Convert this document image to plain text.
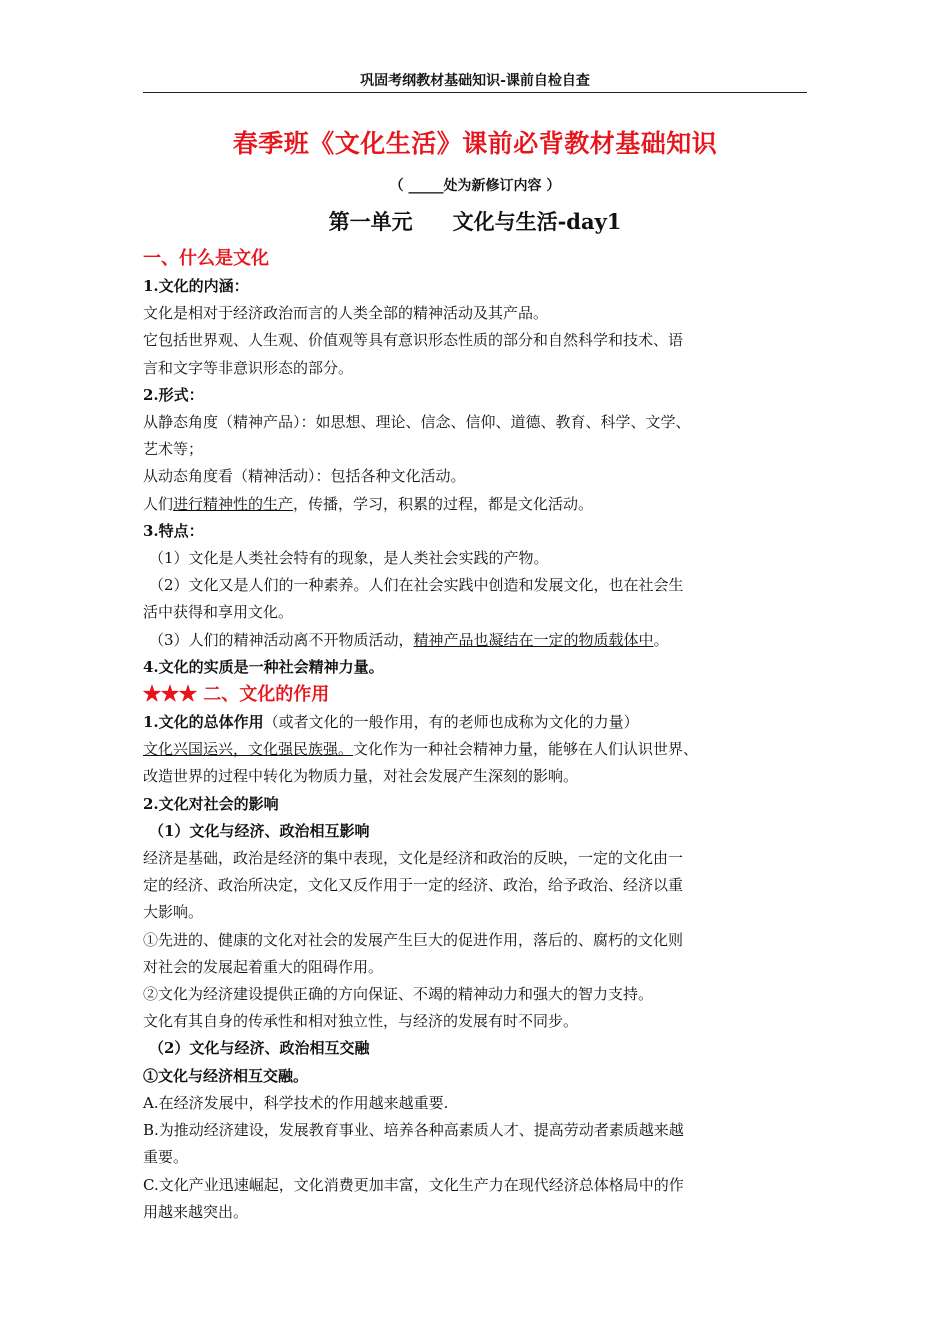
巩固考纲教材基础知识-课前自检自查
春季班《文化生活》课前必背教材基础知识
（ _____处为新修订内容 ）
第一单元 文化与生活-day1
一、什么是文化
1.文化的内涵：
文化是相对于经济政治而言的人类全部的精神活动及其产品。
它包括世界观、人生观、价值观等具有意识形态性质的部分和自然科学和技术、语
言和文字等非意识形态的部分。
2.形式：
从静态角度（精神产品）：如思想、理论、信念、信仰、道德、教育、科学、文学、
艺术等；
从动态角度看（精神活动）：包括各种文化活动。
人们进行精神性的生产，传播，学习，积累的过程，都是文化活动。
3.特点：
（1）文化是人类社会特有的现象，是人类社会实践的产物。
（2）文化又是人们的一种素养。人们在社会实践中创造和发展文化，也在社会生
活中获得和享用文化。
（3）人们的精神活动离不开物质活动，精神产品也凝结在一定的物质载体中。
4.文化的实质是一种社会精神力量。
★★★ 二、文化的作用
1.文化的总体作用（或者文化的一般作用，有的老师也成称为文化的力量）
文化兴国运兴，文化强民族强。文化作为一种社会精神力量，能够在人们认识世界、
改造世界的过程中转化为物质力量，对社会发展产生深刻的影响。
2.文化对社会的影响
（1）文化与经济、政治相互影响
经济是基础，政治是经济的集中表现，文化是经济和政治的反映，一定的文化由一
定的经济、政治所决定，文化又反作用于一定的经济、政治，给予政治、经济以重
大影响。
①先进的、健康的文化对社会的发展产生巨大的促进作用，落后的、腐朽的文化则
对社会的发展起着重大的阻碍作用。
②文化为经济建设提供正确的方向保证、不竭的精神动力和强大的智力支持。
文化有其自身的传承性和相对独立性，与经济的发展有时不同步。
（2）文化与经济、政治相互交融
①文化与经济相互交融。
A.在经济发展中，科学技术的作用越来越重要.
B.为推动经济建设，发展教育事业、培养各种高素质人才、提高劳动者素质越来越
重要。
C.文化产业迅速崛起，文化消费更加丰富，文化生产力在现代经济总体格局中的作
用越来越突出。
